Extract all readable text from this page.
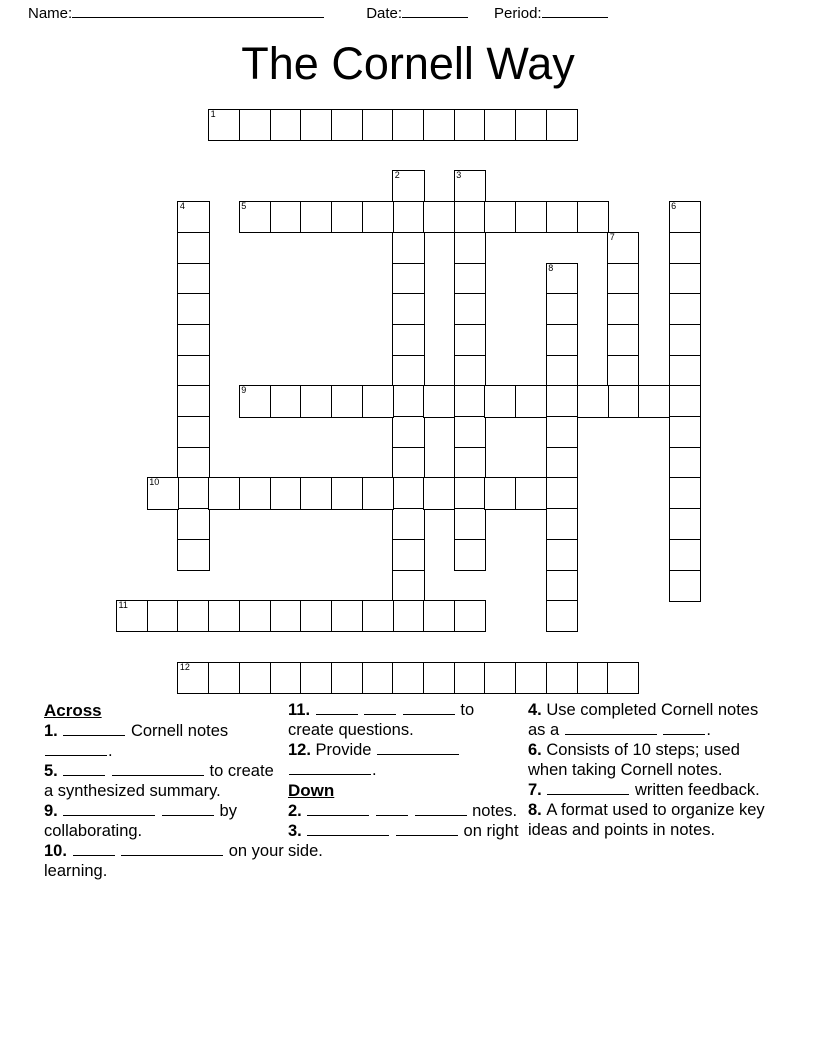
Name:	Date:	Period:
The Cornell Way
1
2	3
4	5	6
7
8
9
10
11
12
Across

1.	Cornell notes .

5.	to create a synthesized summary.

9.	by collaborating.

10.	on your learning.

11.	to create questions.

12. Provide  .

Down

2.	notes.

3.	on right side.

4. Use completed Cornell notes as a	.

6. Consists of 10 steps; used when taking Cornell notes.

7.	written feedback.

8. A format used to organize key ideas and points in notes.
